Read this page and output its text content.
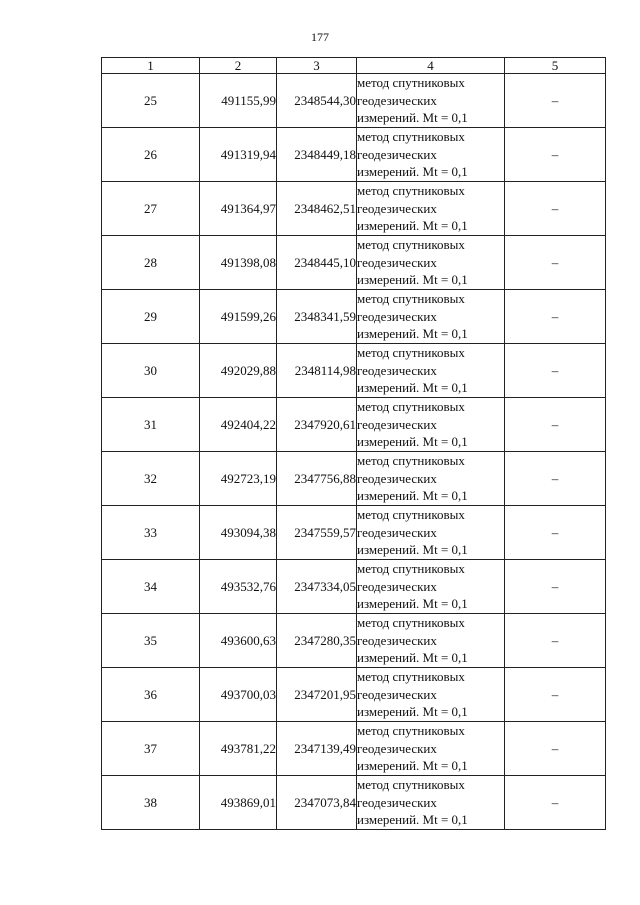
177
1	2	3	4	5
25	491155,99	2348544,30	метод спутниковых
геодезических
измерений. Mt = 0,1	–
26	491319,94	2348449,18	метод спутниковых
геодезических
измерений. Mt = 0,1	–
27	491364,97	2348462,51	метод спутниковых
геодезических
измерений. Mt = 0,1	–
28	491398,08	2348445,10	метод спутниковых
геодезических
измерений. Mt = 0,1	–
29	491599,26	2348341,59	метод спутниковых
геодезических
измерений. Mt = 0,1	–
30	492029,88	2348114,98	метод спутниковых
геодезических
измерений. Mt = 0,1	–
31	492404,22	2347920,61	метод спутниковых
геодезических
измерений. Mt = 0,1	–
32	492723,19	2347756,88	метод спутниковых
геодезических
измерений. Mt = 0,1	–
33	493094,38	2347559,57	метод спутниковых
геодезических
измерений. Mt = 0,1	–
34	493532,76	2347334,05	метод спутниковых
геодезических
измерений. Mt = 0,1	–
35	493600,63	2347280,35	метод спутниковых
геодезических
измерений. Mt = 0,1	–
36	493700,03	2347201,95	метод спутниковых
геодезических
измерений. Mt = 0,1	–
37	493781,22	2347139,49	метод спутниковых
геодезических
измерений. Mt = 0,1	–
38	493869,01	2347073,84	метод спутниковых
геодезических
измерений. Mt = 0,1	–
